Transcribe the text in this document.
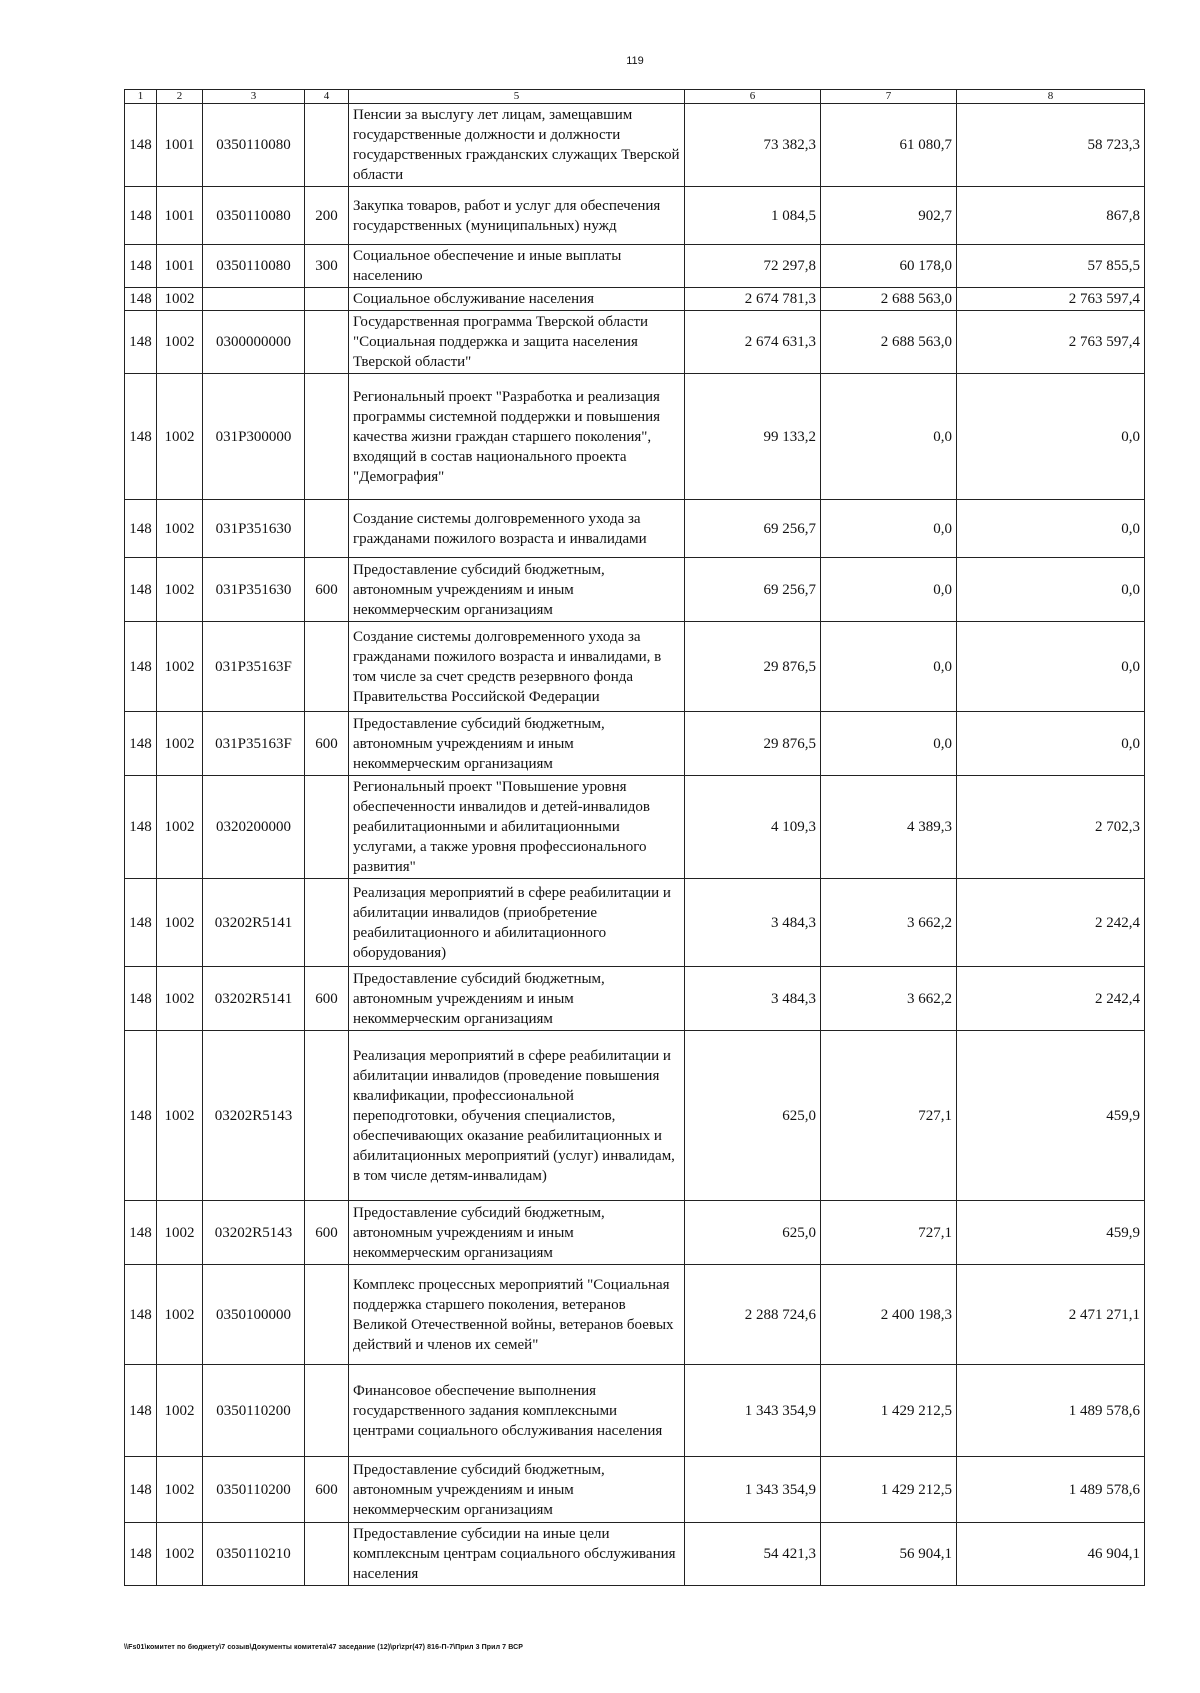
119
1	2	3	4	5	6	7	8
148	1001	0350110080		Пенсии за выслугу лет лицам, замещавшим государственные должности и должности государственных гражданских служащих Тверской области	73 382,3	61 080,7	58 723,3
148	1001	0350110080	200	Закупка товаров, работ и услуг для обеспечения государственных (муниципальных) нужд	1 084,5	902,7	867,8
148	1001	0350110080	300	Социальное обеспечение и иные выплаты населению	72 297,8	60 178,0	57 855,5
148	1002			Социальное обслуживание населения	2 674 781,3	2 688 563,0	2 763 597,4
148	1002	0300000000		Государственная программа Тверской области "Социальная поддержка и защита населения Тверской области"	2 674 631,3	2 688 563,0	2 763 597,4
148	1002	031P300000		Региональный проект "Разработка и реализация программы системной поддержки и повышения качества жизни граждан старшего поколения", входящий в состав национального проекта "Демография"	99 133,2	0,0	0,0
148	1002	031P351630		Создание системы долговременного ухода за гражданами пожилого возраста и инвалидами	69 256,7	0,0	0,0
148	1002	031P351630	600	Предоставление субсидий бюджетным, автономным учреждениям и иным некоммерческим организациям	69 256,7	0,0	0,0
148	1002	031P35163F		Создание системы долговременного ухода за гражданами пожилого возраста и инвалидами, в том числе за счет средств резервного фонда Правительства Российской Федерации	29 876,5	0,0	0,0
148	1002	031P35163F	600	Предоставление субсидий бюджетным, автономным учреждениям и иным некоммерческим организациям	29 876,5	0,0	0,0
148	1002	0320200000		Региональный проект "Повышение уровня обеспеченности инвалидов и детей-инвалидов реабилитационными и абилитационными услугами, а также уровня профессионального развития"	4 109,3	4 389,3	2 702,3
148	1002	03202R5141		Реализация мероприятий в сфере реабилитации и абилитации инвалидов (приобретение реабилитационного и абилитационного оборудования)	3 484,3	3 662,2	2 242,4
148	1002	03202R5141	600	Предоставление субсидий бюджетным, автономным учреждениям и иным некоммерческим организациям	3 484,3	3 662,2	2 242,4
148	1002	03202R5143		Реализация мероприятий в сфере реабилитации и абилитации инвалидов (проведение повышения квалификации, профессиональной переподготовки, обучения специалистов, обеспечивающих оказание реабилитационных и абилитационных мероприятий (услуг) инвалидам, в том числе детям-инвалидам)	625,0	727,1	459,9
148	1002	03202R5143	600	Предоставление субсидий бюджетным, автономным учреждениям и иным некоммерческим организациям	625,0	727,1	459,9
148	1002	0350100000		Комплекс процессных мероприятий "Социальная поддержка старшего поколения, ветеранов Великой Отечественной войны, ветеранов боевых действий и членов их семей"	2 288 724,6	2 400 198,3	2 471 271,1
148	1002	0350110200		Финансовое обеспечение выполнения государственного задания комплексными центрами социального обслуживания населения	1 343 354,9	1 429 212,5	1 489 578,6
148	1002	0350110200	600	Предоставление субсидий бюджетным, автономным учреждениям и иным некоммерческим организациям	1 343 354,9	1 429 212,5	1 489 578,6
148	1002	0350110210		Предоставление субсидии на иные цели комплексным центрам социального обслуживания населения	54 421,3	56 904,1	46 904,1
\\Fs01\комитет по бюджету\7 созыв\Документы комитета\47 заседание (12)\pr\zpr(47) 816-П-7\Прил 3 Прил 7 ВСР
